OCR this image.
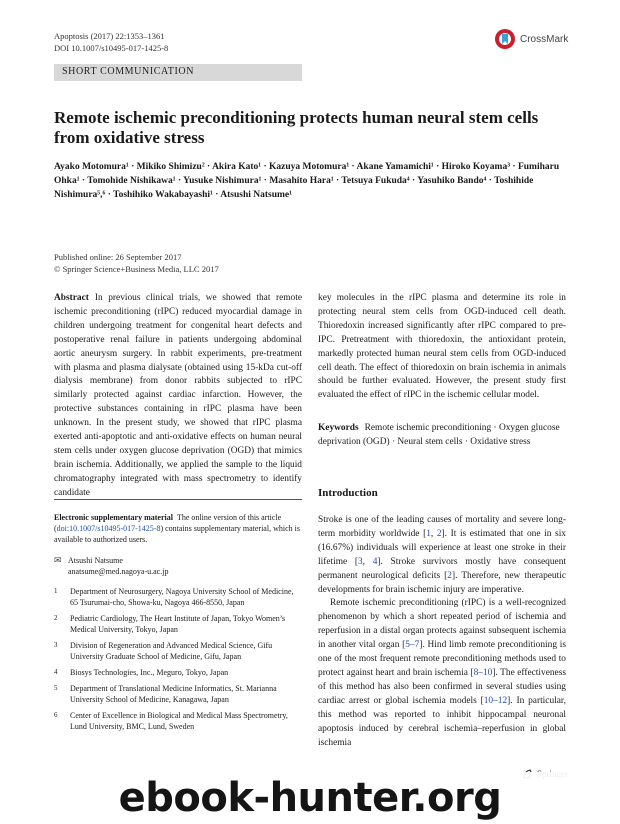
Apoptosis (2017) 22:1353–1361
DOI 10.1007/s10495-017-1425-8
CrossMark
SHORT COMMUNICATION
Remote ischemic preconditioning protects human neural stem cells from oxidative stress
Ayako Motomura¹ · Mikiko Shimizu² · Akira Kato¹ · Kazuya Motomura¹ · Akane Yamamichi¹ · Hiroko Koyama³ · Fumiharu Ohka¹ · Tomohide Nishikawa¹ · Yusuke Nishimura¹ · Masahito Hara¹ · Tetsuya Fukuda⁴ · Yasuhiko Bando⁴ · Toshihide Nishimura⁵,⁶ · Toshihiko Wakabayashi¹ · Atsushi Natsume¹
Published online: 26 September 2017
© Springer Science+Business Media, LLC 2017
Abstract In previous clinical trials, we showed that remote ischemic preconditioning (rIPC) reduced myocardial damage in children undergoing treatment for congenital heart defects and postoperative renal failure in patients undergoing abdominal aortic aneurysm surgery. In rabbit experiments, pre-treatment with plasma and plasma dialysate (obtained using 15-kDa cut-off dialysis membrane) from donor rabbits subjected to rIPC similarly protected against cardiac infarction. However, the protective substances containing in rIPC plasma have been unknown. In the present study, we showed that rIPC plasma exerted anti-apoptotic and anti-oxidative effects on human neural stem cells under oxygen glucose deprivation (OGD) that mimics brain ischemia. Additionally, we applied the sample to the liquid chromatography integrated with mass spectrometry to identify candidate
key molecules in the rIPC plasma and determine its role in protecting neural stem cells from OGD-induced cell death. Thioredoxin increased significantly after rIPC compared to pre-IPC. Pretreatment with thioredoxin, the antioxidant protein, markedly protected human neural stem cells from OGD-induced cell death. The effect of thioredoxin on brain ischemia in animals should be further evaluated. However, the present study first evaluated the effect of rIPC in the ischemic cellular model.
Keywords Remote ischemic preconditioning · Oxygen glucose deprivation (OGD) · Neural stem cells · Oxidative stress
Introduction

Stroke is one of the leading causes of mortality and severe long-term morbidity worldwide [1, 2]. It is estimated that one in six (16.67%) individuals will experience at least one stroke in their lifetime [3, 4]. Stroke survivors mostly have consequent permanent neurological deficits [2]. Therefore, new therapeutic developments for brain ischemic injury are imperative.

Remote ischemic preconditioning (rIPC) is a well-recognized phenomenon by which a short repeated period of ischemia and reperfusion in a distal organ protects against subsequent ischemia in another vital organ [5–7]. Hind limb remote preconditioning is one of the most frequent remote preconditioning methods used to protect against heart and brain ischemia [8–10]. The effectiveness of this method has also been confirmed in several studies using cardiac arrest or global ischemia models [10–12]. In particular, this method was reported to inhibit hippocampal neuronal apoptosis induced by cerebral ischemia–reperfusion in global ischemia

Electronic supplementary material The online version of this article (doi:10.1007/s10495-017-1425-8) contains supplementary material, which is available to authorized users.
✉ Atsushi Natsume
anatsume@med.nagoya-u.ac.jp
1	Department of Neurosurgery, Nagoya University School of Medicine, 65 Tsurumai-cho, Showa-ku, Nagoya 466-8550, Japan
2	Pediatric Cardiology, The Heart Institute of Japan, Tokyo Women’s Medical University, Tokyo, Japan
3	Division of Regeneration and Advanced Medical Science, Gifu University Graduate School of Medicine, Gifu, Japan
4	Biosys Technologies, Inc., Meguro, Tokyo, Japan
5	Department of Translational Medicine Informatics, St. Marianna University School of Medicine, Kanagawa, Japan
6	Center of Excellence in Biological and Medical Mass Spectrometry, Lund University, BMC, Lund, Sweden
ebook-hunter.org
